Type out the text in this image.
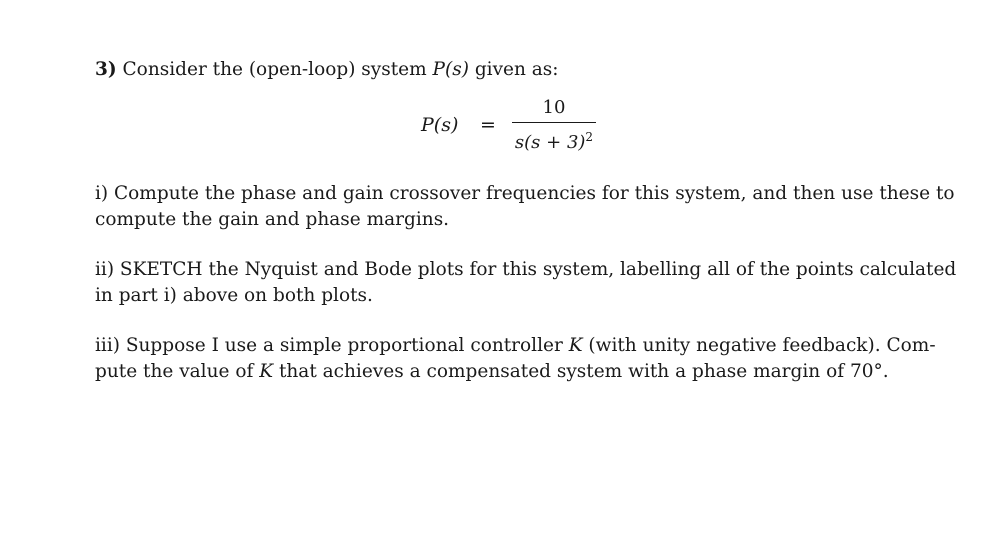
3) Consider the (open-loop) system P(s) given as:
P(s) =
10
$s(s + 3)^2$
i) Compute the phase and gain crossover frequencies for this system, and then use these to
compute the gain and phase margins.
ii) SKETCH the Nyquist and Bode plots for this system, labelling all of the points calculated
in part i) above on both plots.
iii) Suppose I use a simple proportional controller K (with unity negative feedback). Com-
pute the value of K that achieves a compensated system with a phase margin of 70°.
